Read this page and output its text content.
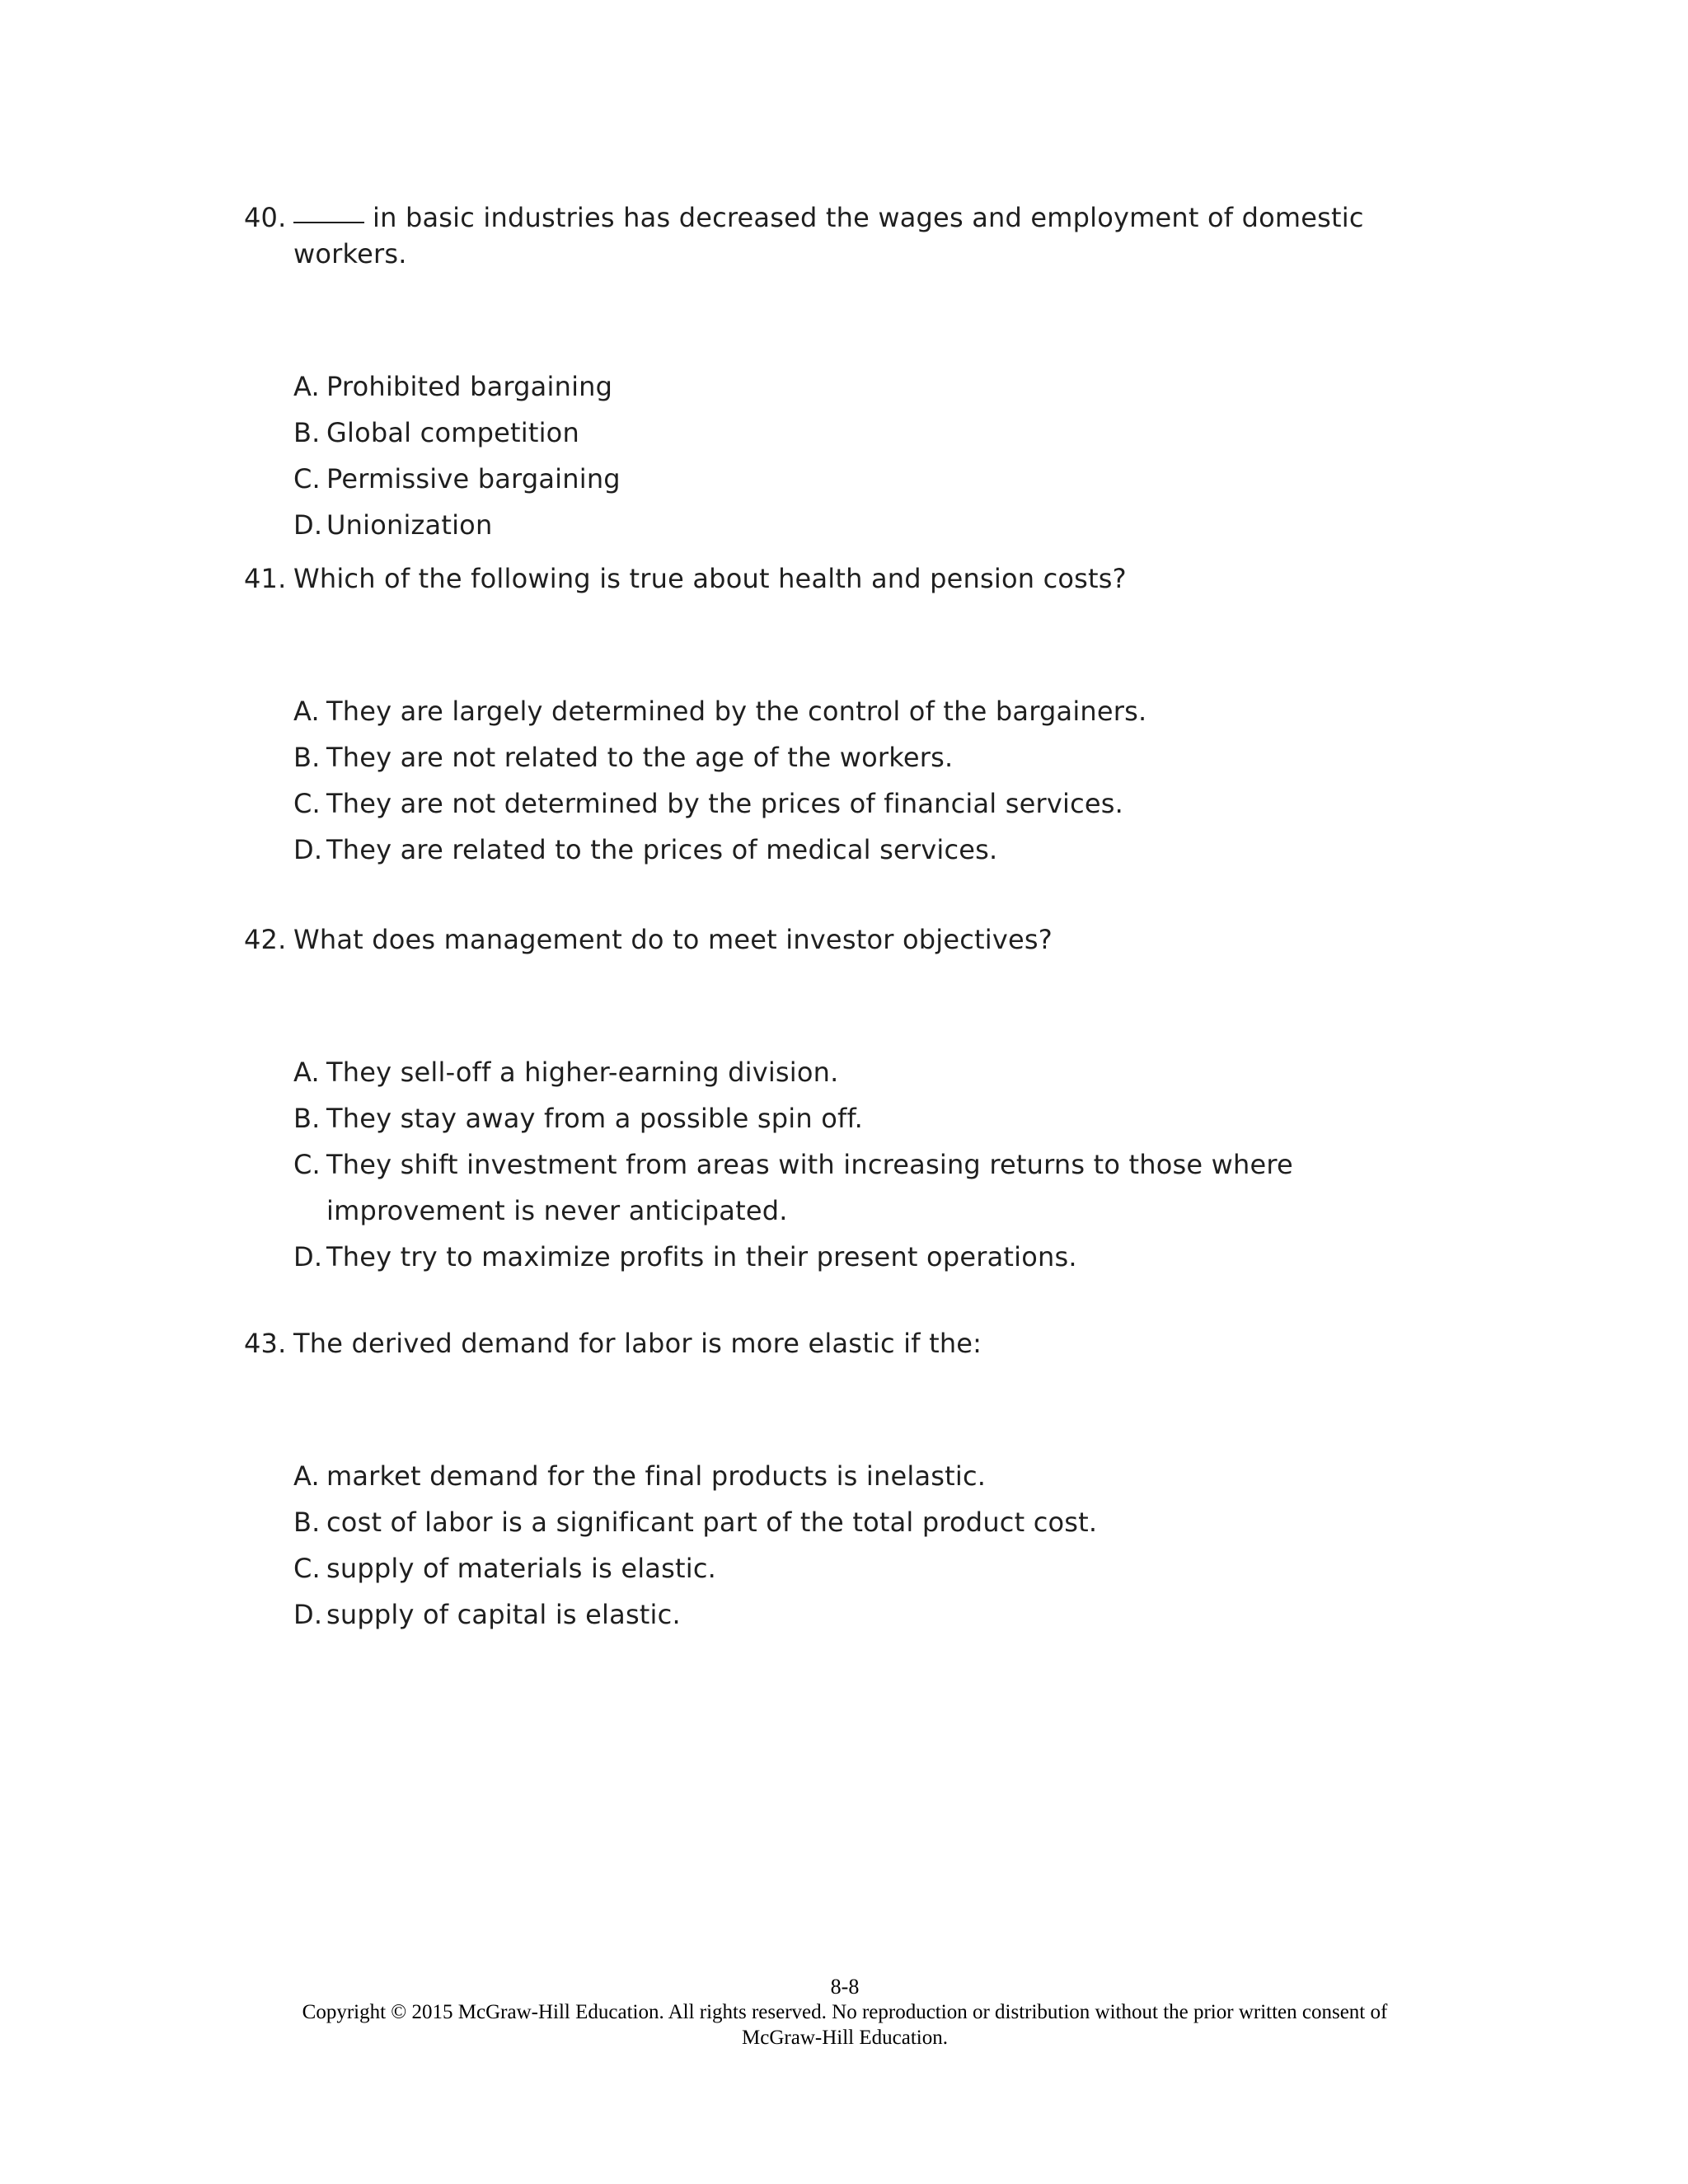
40.	in basic industries has decreased the wages and employment of domestic workers.
A. Prohibited bargaining
B. Global competition
C. Permissive bargaining
D. Unionization
41. Which of the following is true about health and pension costs?
A. They are largely determined by the control of the bargainers.
B. They are not related to the age of the workers.
C. They are not determined by the prices of financial services.
D. They are related to the prices of medical services.
42. What does management do to meet investor objectives?
A. They sell-off a higher-earning division.
B. They stay away from a possible spin off.
C. They shift investment from areas with increasing returns to those where improvement is never anticipated.
D. They try to maximize profits in their present operations.
43. The derived demand for labor is more elastic if the:
A. market demand for the final products is inelastic.
B. cost of labor is a significant part of the total product cost.
C. supply of materials is elastic.
D. supply of capital is elastic.
8-8
Copyright © 2015 McGraw-Hill Education. All rights reserved. No reproduction or distribution without the prior written consent of
McGraw-Hill Education.
